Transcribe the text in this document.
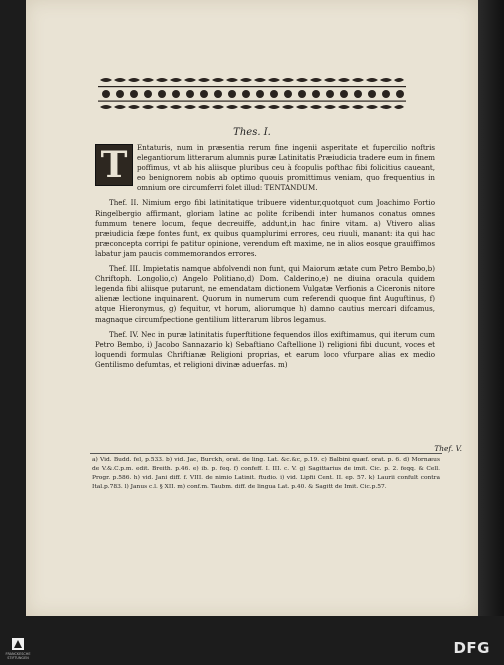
Thes. I.
T	Entaturis, num in præsentia rerum fine ingenii asperitate et fupercilio noftris elegantiorum litterarum alumnis puræ Latinitatis Præiudicia tradere eum in finem poffimus, vt ab his aliisque pluribus ceu à fcopulis pofthac fibi folicitius caueant, eo benignorem nobis ab optimo quouis promittimus veniam, quo frequentius in omnium ore circumferri folet illud: TENTANDUM.

Thef. II. Nimium ergo fibi latinitatique tribuere videntur,quotquot cum Joachimo Fortio Ringelbergio affirmant, gloriam latine ac polite fcribendi inter humanos conatus omnes fummum tenere locum, feque decreuiffe, addunt,in hac finire vitam. a) Vtivero alias præiudicia fæpe fontes funt, ex quibus quamplurimi errores, ceu riuuli, manant: ita qui hac præconcepta corripi fe patitur opinione, verendum eft maxime, ne in alios eosque grauiffimos labatur jam paucis commemorandos errores.

Thef. III. Impietatis namque abfolvendi non funt, qui Maiorum ætate cum Petro Bembo,b) Chriftoph. Longolio,c) Angelo Politiano,d) Dom. Calderino,e) ne diuina oracula quidem legenda fibi aliisque putarunt, ne emendatam dictionem Vulgatæ Verfionis a Ciceronis nitore alienæ lectione inquinarent. Quorum in numerum cum referendi quoque fint Auguftinus, f) atque Hieronymus, g) fequitur, vt horum, aliorumque h) damno cautius mercari difcamus, magnaque circumfpectione gentilium litterarum libros legamus.

Thef. IV. Nec in puræ latinitatis fuperftitione fequendos illos exiftimamus, qui iterum cum Petro Bembo, i) Jacobo Sannazario k) Sebaftiano Caftellione l) religioni fibi ducunt, voces et loquendi formulas Chriftianæ Religioni proprias, et earum loco vfurpare alias ex medio Gentilismo defumtas, et religioni divinæ aduerfas. m)

Thef. V.
a) Vid. Budd. fel, p.533. b) vid. Jac, Burckh, orat. de ling. Lat. &c.&c, p.19. c) Balbini quæf. orat. p. 6. d) Mornæus de V.&.C.p.m. edit. Breith. p.46. e) ib. p. feq. f) confeff. I. III. c. V. g) Sagittarius de imit. Cic. p. 2. feqq. & Cell. Progr. p.586. h) vid. Jani diff. f. VIII. de nimio Latinit. ftudio. i) vid. Lipfii Cent. II. ep. 57. k) Laurii confult contra Ital.p.783. l) Janus c.l. § XII. m) conf.m. Taubm. diff. de lingua Lat. p.40. & Sagitt de Imit. Cic.p.57.
FRANCKESCHE STIFTUNGEN
DFG
